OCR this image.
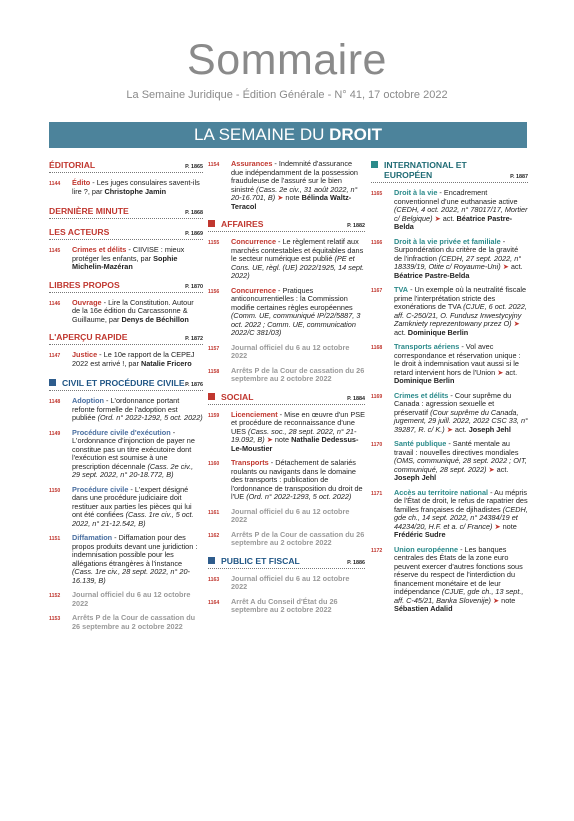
Sommaire
La Semaine Juridique - Édition Générale - N° 41, 17 octobre 2022
LA SEMAINE DU DROIT
ÉDITORIAL	P. 1865
1144	Édito - Les juges consulaires savent-ils lire ?, par Christophe Jamin
DERNIÈRE MINUTE	P. 1868
LES ACTEURS	P. 1869
1145	Crimes et délits - CIIVISE : mieux protéger les enfants, par Sophie Michelin-Mazéran
LIBRES PROPOS	P. 1870
1146	Ouvrage - Lire la Constitution. Autour de la 16e édition du Carcassonne & Guillaume, par Denys de Béchillon
L'APERÇU RAPIDE	P. 1872
1147	Justice - Le 10e rapport de la CEPEJ 2022 est arrivé !, par Natalie Fricero
CIVIL ET PROCÉDURE CIVILE P. 1876
1148	Adoption - L'ordonnance portant refonte formelle de l'adoption est publiée (Ord. n° 2022-1292, 5 oct. 2022)
1149	Procédure civile d'exécution - L'ordonnance d'injonction de payer ne constitue pas un titre exécutoire dont l'exécution est soumise à une prescription décennale (Cass. 2e civ., 29 sept. 2022, n° 20-18.772, B)
1150	Procédure civile - L'expert désigné dans une procédure judiciaire doit restituer aux parties les pièces qui lui ont été confiées (Cass. 1re civ., 5 oct. 2022, n° 21-12.542, B)
1151	Diffamation - Diffamation pour des propos produits devant une juridiction : indemnisation possible pour les allégations étrangères à l'instance (Cass. 1re civ., 28 sept. 2022, n° 20-16.139, B)
1152	Journal officiel du 6 au 12 octobre 2022
1153	Arrêts P de la Cour de cassation du 26 septembre au 2 octobre 2022
1154	Assurances - Indemnité d'assurance due indépendamment de la possession frauduleuse de l'assuré sur le bien sinistré (Cass. 2e civ., 31 août 2022, n° 20-16.701, B) ➤ note Bélinda Waltz-Teracol
AFFAIRES	P. 1882
1155	Concurrence - Le règlement relatif aux marchés contestables et équitables dans le secteur numérique est publié (PE et Cons. UE, règl. (UE) 2022/1925, 14 sept. 2022)
1156	Concurrence - Pratiques anticoncurrentielles : la Commission modifie certaines règles européennes (Comm. UE, communiqué IP/22/5887, 3 oct. 2022 ; Comm. UE, communication 2022/C 381/03)
1157	Journal officiel du 6 au 12 octobre 2022
1158	Arrêts P de la Cour de cassation du 26 septembre au 2 octobre 2022
SOCIAL	P. 1884
1159	Licenciement - Mise en œuvre d'un PSE et procédure de reconnaissance d'une UES (Cass. soc., 28 sept. 2022, n° 21-19.092, B) ➤ note Nathalie Dedessus-Le-Moustier
1160	Transports - Détachement de salariés roulants ou navigants dans le domaine des transports : publication de l'ordonnance de transposition du droit de l'UE (Ord. n° 2022-1293, 5 oct. 2022)
1161	Journal officiel du 6 au 12 octobre 2022
1162	Arrêts P de la Cour de cassation du 26 septembre au 2 octobre 2022
PUBLIC ET FISCAL	P. 1886
1163	Journal officiel du 6 au 12 octobre 2022
1164	Arrêt A du Conseil d'État du 26 septembre au 2 octobre 2022
INTERNATIONAL ET EUROPÉEN	P. 1887
1165	Droit à la vie - Encadrement conventionnel d'une euthanasie active (CEDH, 4 oct. 2022, n° 78017/17, Mortier c/ Belgique) ➤ act. Béatrice Pastre-Belda
1166	Droit à la vie privée et familiale - Surpondération du critère de la gravité de l'infraction (CEDH, 27 sept. 2022, n° 18339/19, Otite c/ Royaume-Uni) ➤ act. Béatrice Pastre-Belda
1167	TVA - Un exemple où la neutralité fiscale prime l'interprétation stricte des exonérations de TVA (CJUE, 6 oct. 2022, aff. C-250/21, O. Fundusz Inwestycyjny Zamkniety reprezentowany przez O) ➤ act. Dominique Berlin
1168	Transports aériens - Vol avec correspondance et réservation unique : le droit à indemnisation vaut aussi si le retard intervient hors de l'Union ➤ act. Dominique Berlin
1169	Crimes et délits - Cour suprême du Canada : agression sexuelle et préservatif (Cour suprême du Canada, jugement, 29 juill. 2022, 2022 CSC 33, n° 39287, R. c/ K.) ➤ act. Joseph Jehl
1170	Santé publique - Santé mentale au travail : nouvelles directives mondiales (OMS, communiqué, 28 sept. 2022 ; OIT, communiqué, 28 sept. 2022) ➤ act. Joseph Jehl
1171	Accès au territoire national - Au mépris de l'État de droit, le refus de rapatrier des familles françaises de djihadistes (CEDH, gde ch., 14 sept. 2022, n° 24384/19 et 44234/20, H.F. et a. c/ France) ➤ note Frédéric Sudre
1172	Union européenne - Les banques centrales des États de la zone euro peuvent exercer d'autres fonctions sous réserve du respect de l'interdiction du financement monétaire et de leur indépendance (CJUE, gde ch., 13 sept., aff. C-45/21, Banka Slovenije) ➤ note Sébastien Adalid
